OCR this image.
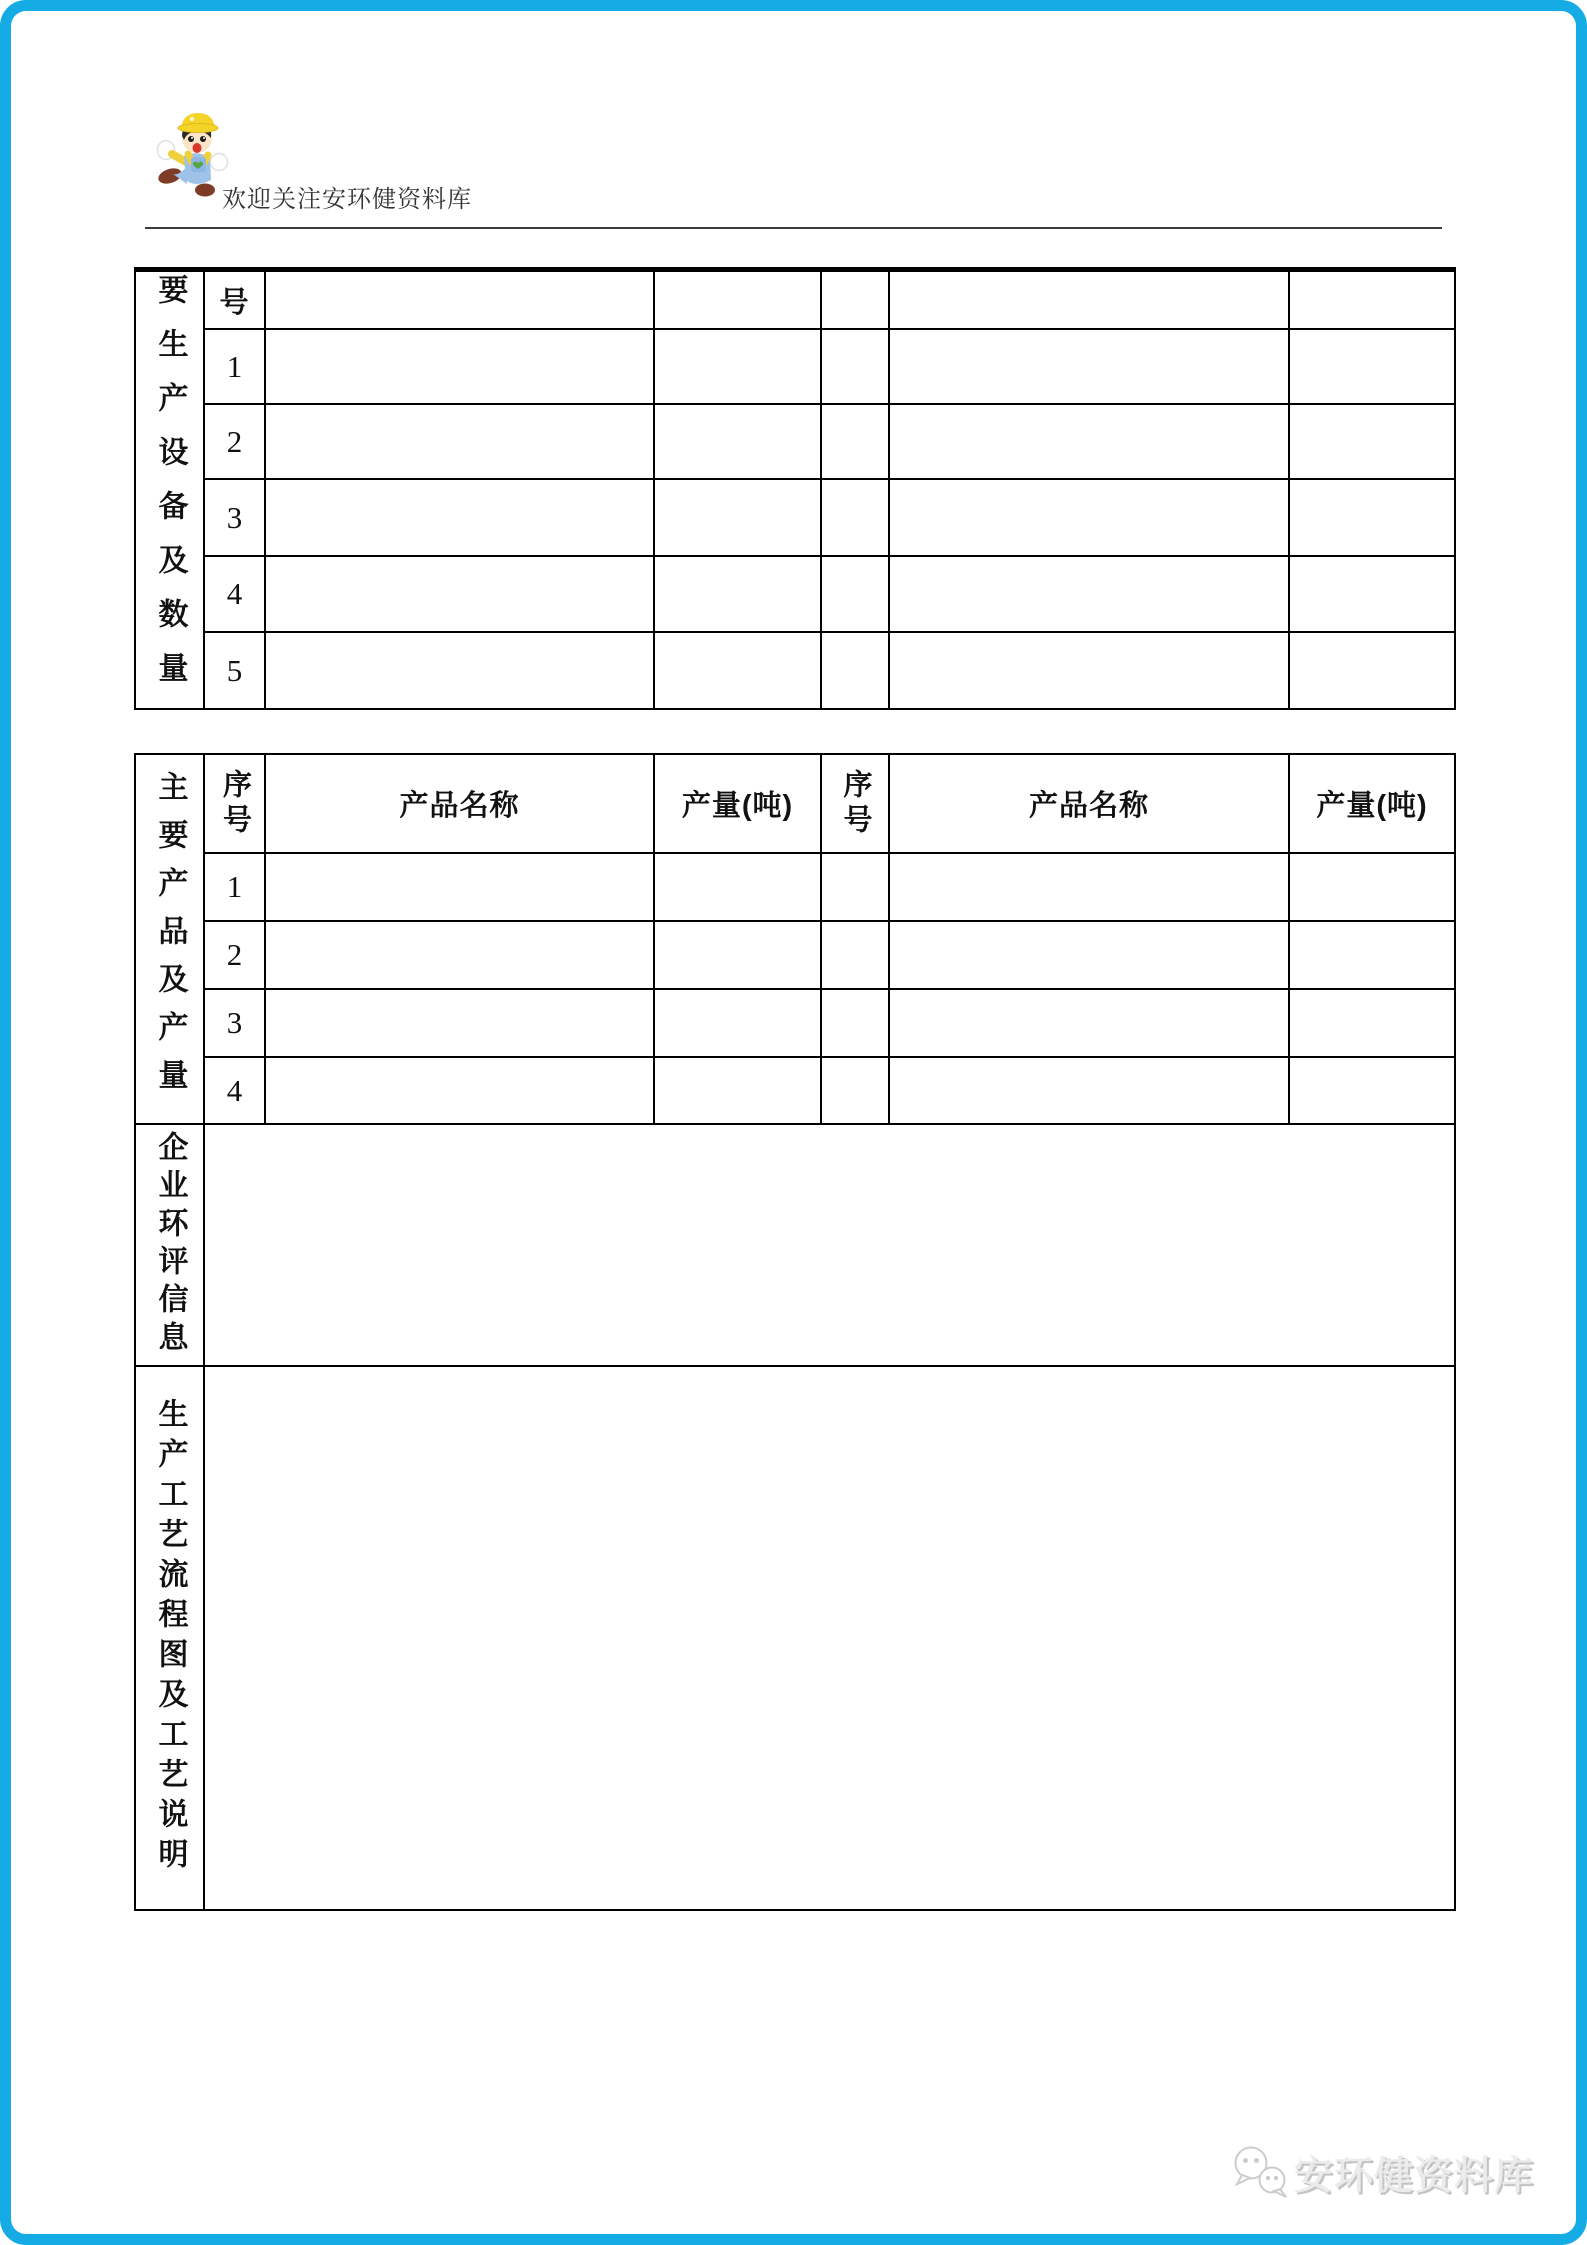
欢迎关注安环健资料库
要生产设备及数量	号
1
2
3
4
5
主要产品及产量 序号	产品名称	产量(吨)	序号	产品名称	产量(吨)
1
2
3
4
企业环评信息
生产工艺流程图及工艺说明
安环健资料库
